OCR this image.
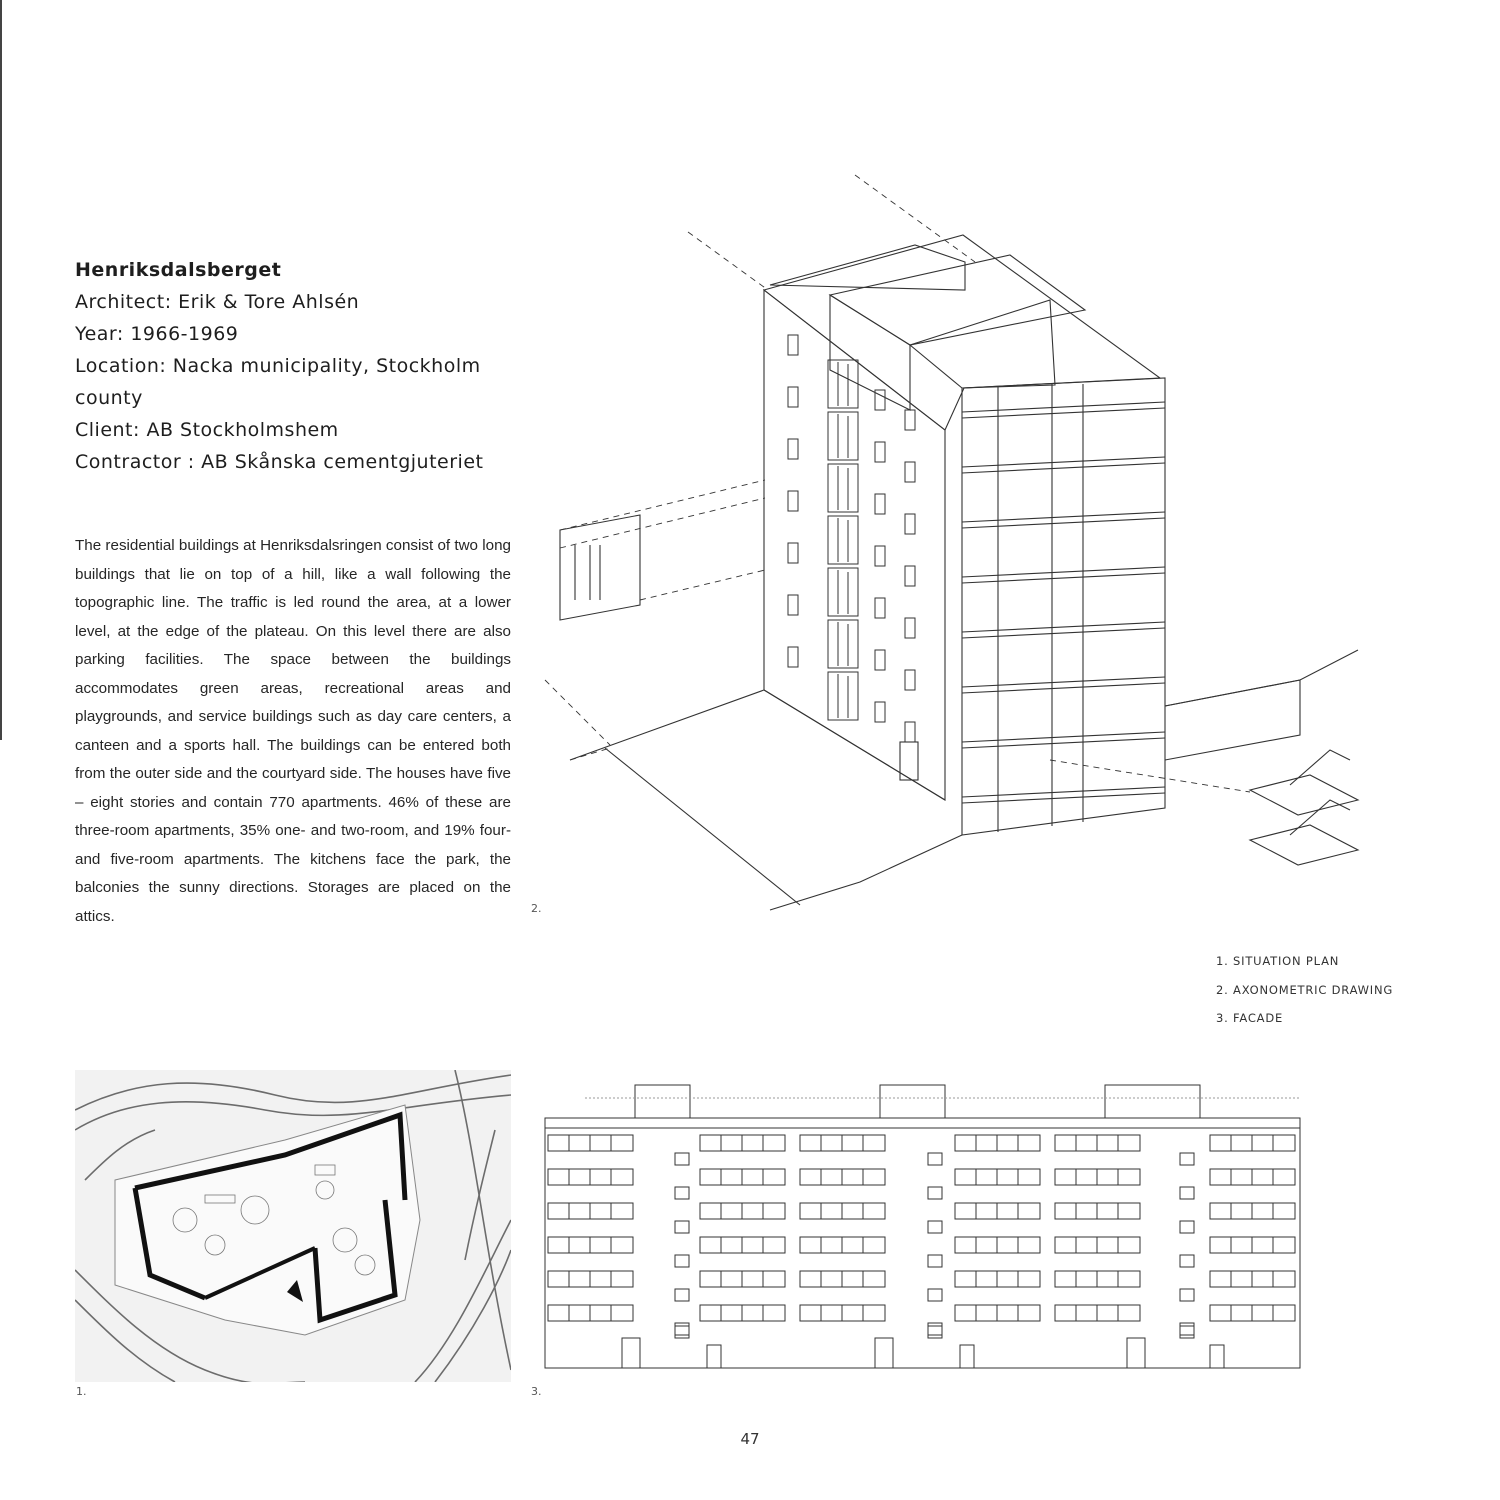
Henriksdalsberget
Architect: Erik & Tore Ahlsén
Year: 1966-1969
Location: Nacka municipality, Stockholm
county
Client: AB Stockholmshem
Contractor : AB Skånska cementgjuteriet
The residential buildings at Henriksdalsringen consist of two long buildings that lie on top of a hill, like a wall following the topographic line. The traffic is led round the area, at a lower level, at the edge of the plateau. On this level there are also parking facilities. The space between the buildings accommodates green areas, recreational areas and playgrounds, and service buildings such as day care centers, a canteen and a sports hall. The buildings can be entered both from the outer side and the courtyard side. The houses have five – eight stories and contain 770 apartments. 46% of these are three-room apartments, 35% one- and two-room, and 19% four- and five-room apartments. The kitchens face the park, the balconies the sunny directions. Storages are placed on the attics.	2.
1. SITUATION PLAN
2. AXONOMETRIC DRAWING
3. FACADE
1.	3.
47
